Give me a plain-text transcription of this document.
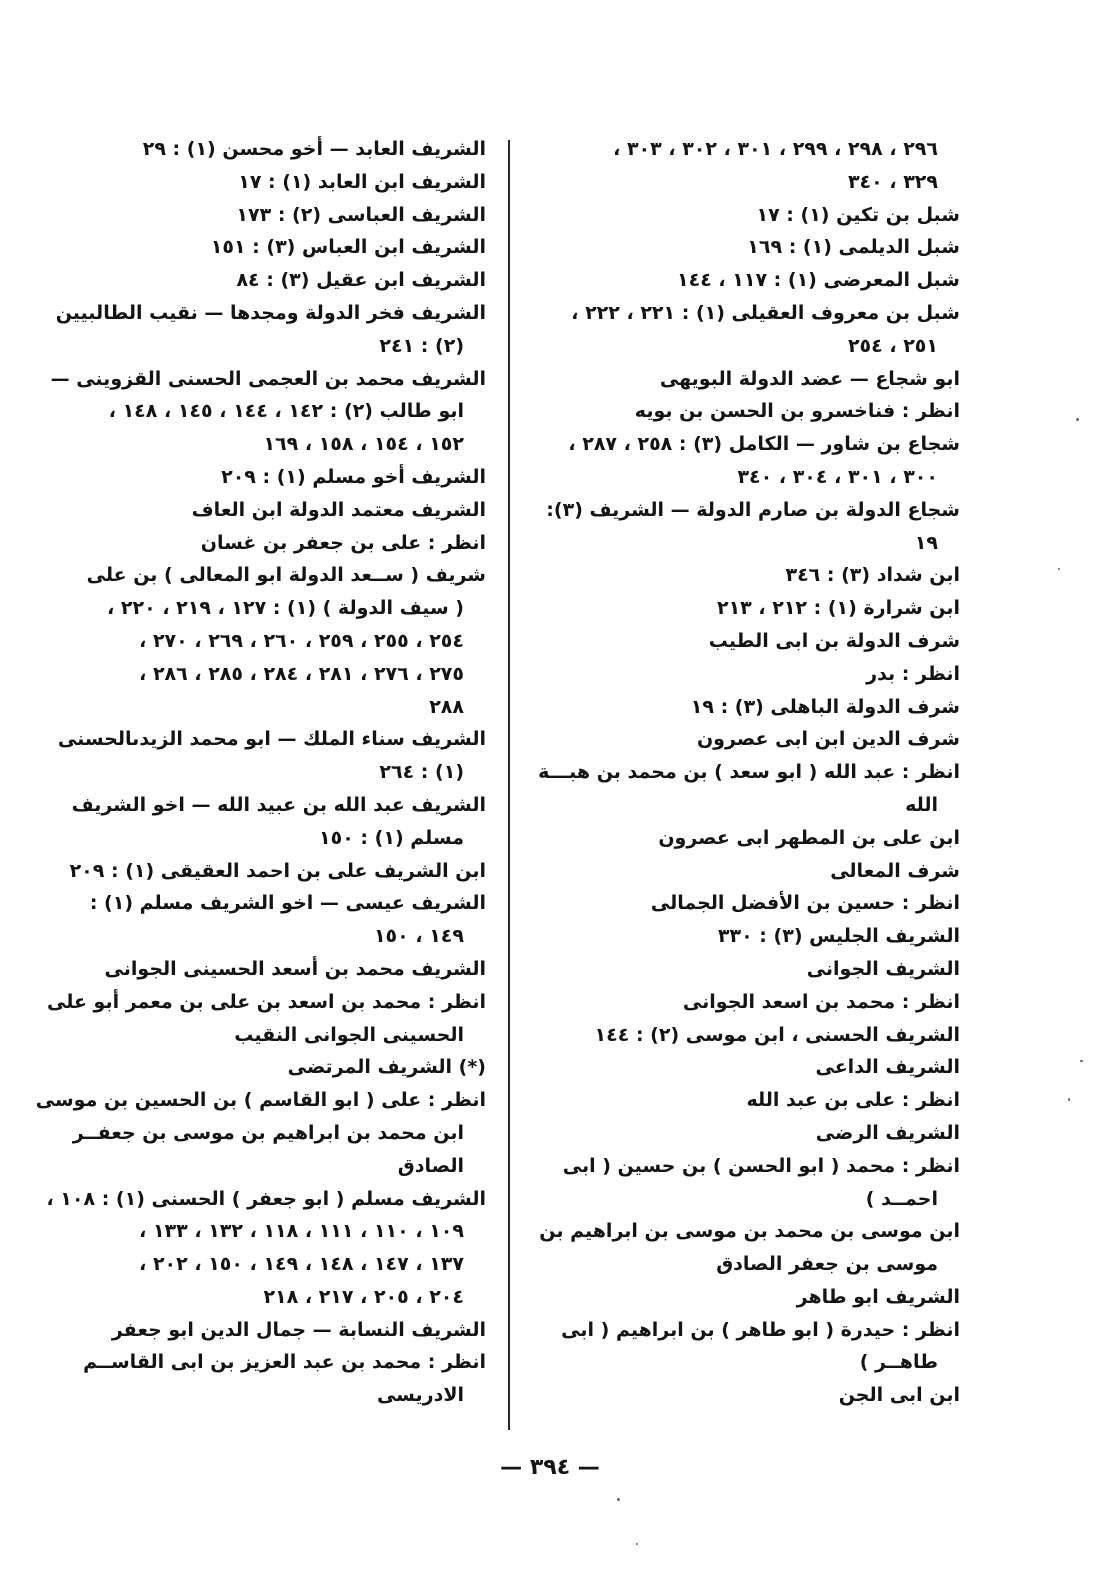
٢٩٦ ، ٢٩٨ ، ٢٩٩ ، ٣٠١ ، ٣٠٢ ، ٣٠٣ ،
٣٢٩ ، ٣٤٠
شبل بن تكين (١) : ١٧
شبل الديلمى (١) : ١٦٩
شبل المعرضى (١) : ١١٧ ، ١٤٤
شبل بن معروف العقيلى (١) : ٢٢١ ، ٢٢٢ ،
٢٥١ ، ٢٥٤
ابو شجاع — عضد الدولة البويهى
انظر : فناخسرو بن الحسن بن بويه
شجاع بن شاور — الكامل (٣) : ٢٥٨ ، ٢٨٧ ،
٣٠٠ ، ٣٠١ ، ٣٠٤ ، ٣٤٠
شجاع الدولة بن صارم الدولة — الشريف (٣):
١٩
ابن شداد (٣) : ٣٤٦
ابن شرارة (١) : ٢١٢ ، ٢١٣
شرف الدولة بن ابى الطيب
انظر : بدر
شرف الدولة الباهلى (٣) : ١٩
شرف الدين ابن ابى عصرون
انظر : عبد الله ( ابو سعد ) بن محمد بن هبـــة
الله
ابن على بن المطهر ابى عصرون
شرف المعالى
انظر : حسين بن الأفضل الجمالى
الشريف الجليس (٣) : ٣٣٠
الشريف الجوانى
انظر : محمد بن اسعد الجوانى
الشريف الحسنى ، ابن موسى (٢) : ١٤٤
الشريف الداعى
انظر : على بن عبد الله
الشريف الرضى
انظر : محمد ( ابو الحسن ) بن حسين ( ابى
احمــد )
ابن موسى بن محمد بن موسى بن ابراهيم بن
موسى بن جعفر الصادق
الشريف ابو طاهر
انظر : حيدرة ( ابو طاهر ) بن ابراهيم ( ابى
طاهــر )
ابن ابى الجن
الشريف العابد — أخو محسن (١) : ٢٩
الشريف ابن العابد (١) : ١٧
الشريف العباسى (٢) : ١٧٣
الشريف ابن العباس (٣) : ١٥١
الشريف ابن عقيل (٣) : ٨٤
الشريف فخر الدولة ومجدها — نقيب الطالبيين
(٢) : ٢٤١
الشريف محمد بن العجمى الحسنى القزوينى —
ابو طالب (٢) : ١٤٢ ، ١٤٤ ، ١٤٥ ، ١٤٨ ،
١٥٢ ، ١٥٤ ، ١٥٨ ، ١٦٩
الشريف أخو مسلم (١) : ٢٠٩
الشريف معتمد الدولة ابن العاف
انظر : على بن جعفر بن غسان
شريف ( ســعد الدولة ابو المعالى ) بن على
( سيف الدولة ) (١) : ١٢٧ ، ٢١٩ ، ٢٢٠ ،
٢٥٤ ، ٢٥٥ ، ٢٥٩ ، ٢٦٠ ، ٢٦٩ ، ٢٧٠ ،
٢٧٥ ، ٢٧٦ ، ٢٨١ ، ٢٨٤ ، ٢٨٥ ، ٢٨٦ ،
٢٨٨
الشريف سناء الملك — ابو محمد الزيدىالحسنى
(١) : ٢٦٤
الشريف عبد الله بن عبيد الله — اخو الشريف
مسلم (١) : ١٥٠
ابن الشريف على بن احمد العقيقى (١) : ٢٠٩
الشريف عيسى — اخو الشريف مسلم (١) :
١٤٩ ، ١٥٠
الشريف محمد بن أسعد الحسينى الجوانى
انظر : محمد بن اسعد بن على بن معمر أبو على
الحسينى الجوانى النقيب
(*) الشريف المرتضى
انظر : على ( ابو القاسم ) بن الحسين بن موسى
ابن محمد بن ابراهيم بن موسى بن جعفــر
الصادق
الشريف مسلم ( ابو جعفر ) الحسنى (١) : ١٠٨ ،
١٠٩ ، ١١٠ ، ١١١ ، ١١٨ ، ١٣٢ ، ١٣٣ ،
١٣٧ ، ١٤٧ ، ١٤٨ ، ١٤٩ ، ١٥٠ ، ٢٠٢ ،
٢٠٤ ، ٢٠٥ ، ٢١٧ ، ٢١٨
الشريف النسابة — جمال الدين ابو جعفر
انظر : محمد بن عبد العزيز بن ابى القاســم
الادريسى
— ٣٩٤ —
